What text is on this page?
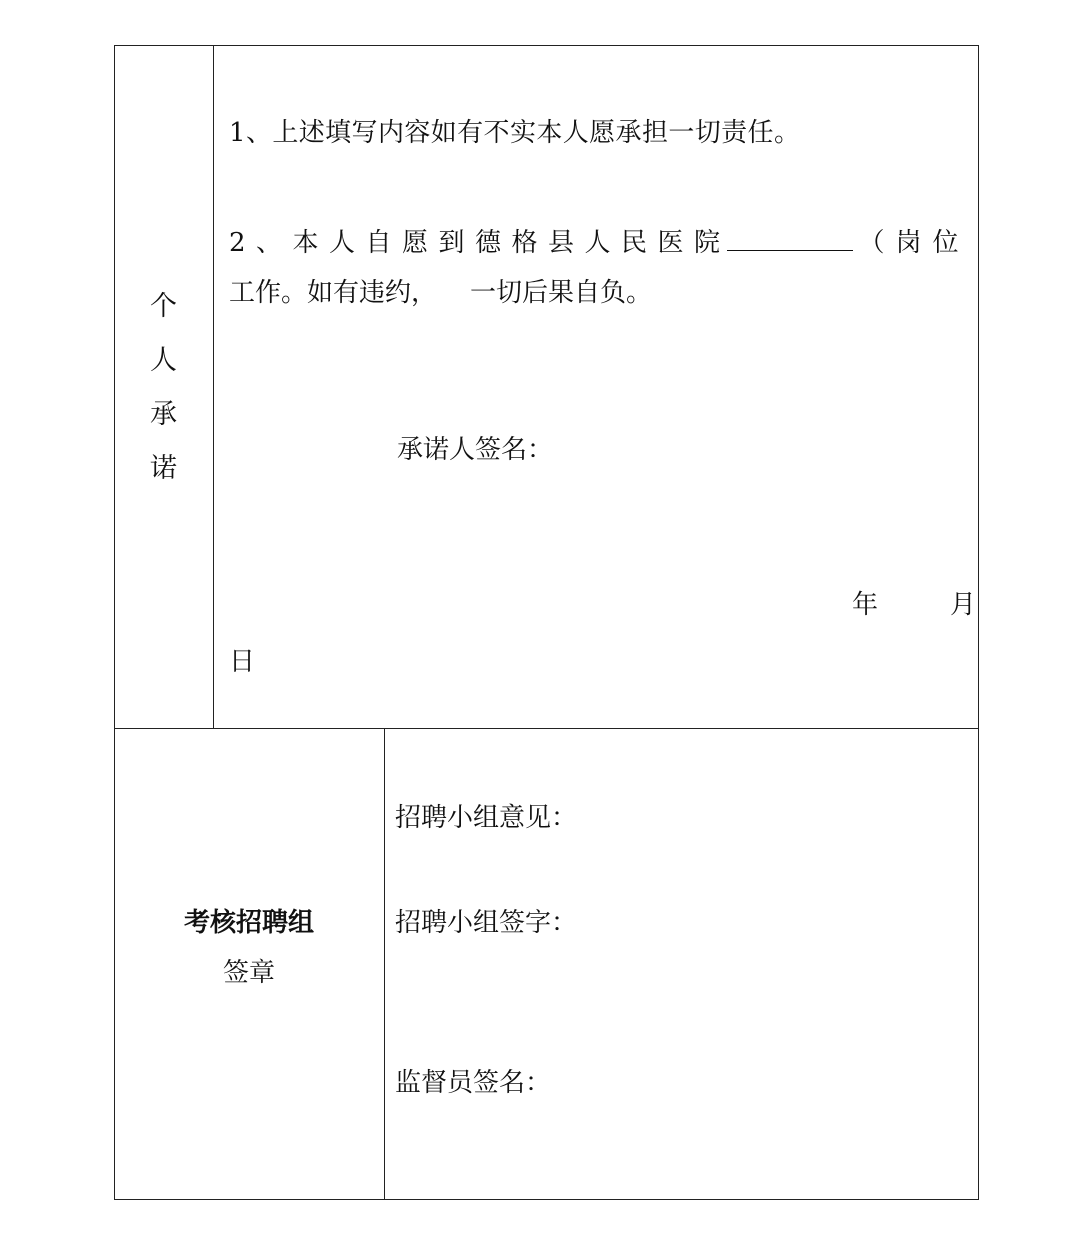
个
人
承
诺
1、上述填写内容如有不实本人愿承担一切责任。
2、本人自愿到德格县人民医院	（岗位
工作。如有违约，    一切后果自负。
承诺人签名：
年	月
日
考核招聘组
签章
招聘小组意见：
招聘小组签字：
监督员签名：
